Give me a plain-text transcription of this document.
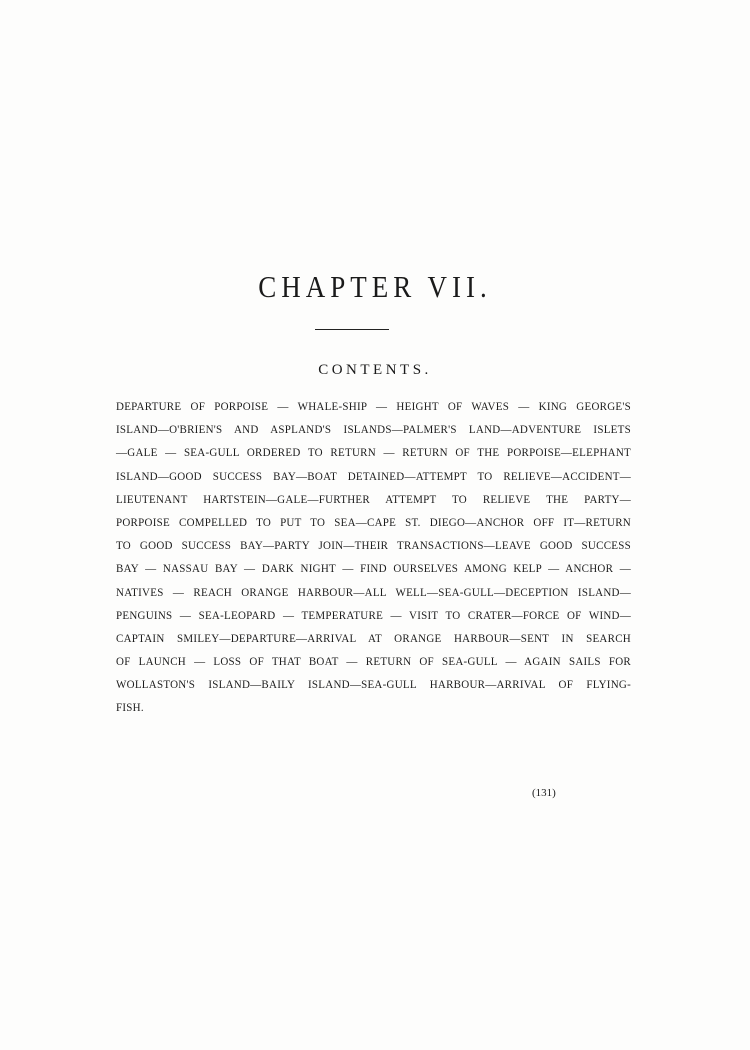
CHAPTER VII.
CONTENTS.
DEPARTURE OF PORPOISE — WHALE-SHIP — HEIGHT OF WAVES — KING GEORGE'S
ISLAND—O'BRIEN'S AND ASPLAND'S ISLANDS—PALMER'S LAND—ADVENTURE ISLETS
—GALE — SEA-GULL ORDERED TO RETURN — RETURN OF THE PORPOISE—ELEPHANT
ISLAND—GOOD SUCCESS BAY—BOAT DETAINED—ATTEMPT TO RELIEVE—ACCIDENT—
LIEUTENANT HARTSTEIN—GALE—FURTHER ATTEMPT TO RELIEVE THE PARTY—
PORPOISE COMPELLED TO PUT TO SEA—CAPE ST. DIEGO—ANCHOR OFF IT—RETURN
TO GOOD SUCCESS BAY—PARTY JOIN—THEIR TRANSACTIONS—LEAVE GOOD SUCCESS
BAY — NASSAU BAY — DARK NIGHT — FIND OURSELVES AMONG KELP — ANCHOR —
NATIVES — REACH ORANGE HARBOUR—ALL WELL—SEA-GULL—DECEPTION ISLAND—
PENGUINS — SEA-LEOPARD — TEMPERATURE — VISIT TO CRATER—FORCE OF WIND—
CAPTAIN SMILEY—DEPARTURE—ARRIVAL AT ORANGE HARBOUR—SENT IN SEARCH
OF LAUNCH — LOSS OF THAT BOAT — RETURN OF SEA-GULL — AGAIN SAILS FOR
WOLLASTON'S ISLAND—BAILY ISLAND—SEA-GULL HARBOUR—ARRIVAL OF FLYING-
FISH.
(131)
